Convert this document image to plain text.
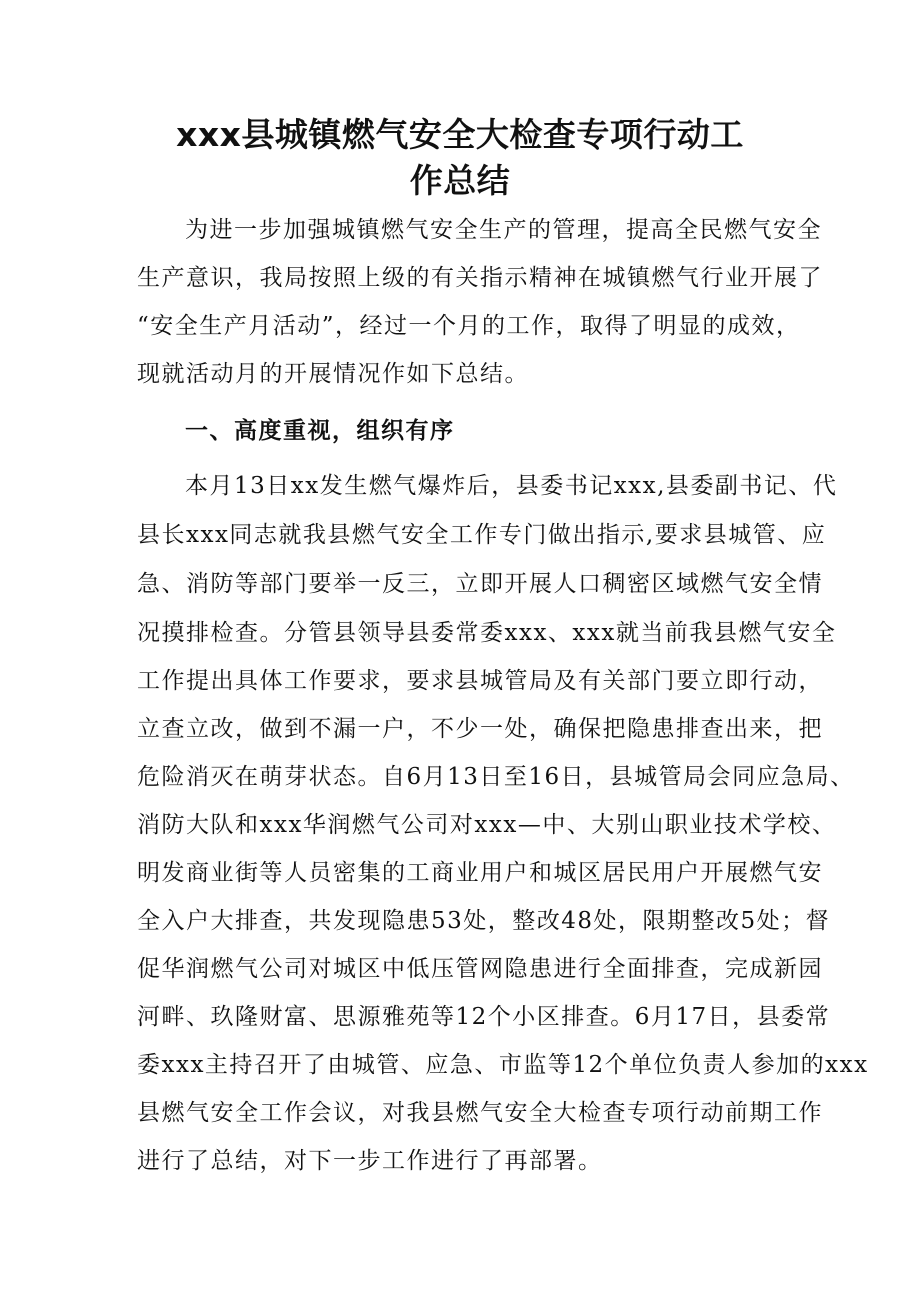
xxx县城镇燃气安全大检查专项行动工
作总结

为进一步加强城镇燃气安全生产的管理，提高全民燃气安全

生产意识，我局按照上级的有关指示精神在城镇燃气行业开展了

“安全生产月活动”，经过一个月的工作，取得了明显的成效，

现就活动月的开展情况作如下总结。

一、高度重视，组织有序

本月13日xx发生燃气爆炸后，县委书记xxx,县委副书记、代

县长xxx同志就我县燃气安全工作专门做出指示,要求县城管、应

急、消防等部门要举一反三，立即开展人口稠密区域燃气安全情

况摸排检查。分管县领导县委常委xxx、xxx就当前我县燃气安全

工作提出具体工作要求，要求县城管局及有关部门要立即行动，

立查立改，做到不漏一户，不少一处，确保把隐患排查出来，把

危险消灭在萌芽状态。自6月13日至16日，县城管局会同应急局、

消防大队和xxx华润燃气公司对xxx—中、大别山职业技术学校、

明发商业街等人员密集的工商业用户和城区居民用户开展燃气安

全入户大排查，共发现隐患53处，整改48处，限期整改5处；督

促华润燃气公司对城区中低压管网隐患进行全面排查，完成新园

河畔、玖隆财富、思源雅苑等12个小区排查。6月17日，县委常

委xxx主持召开了由城管、应急、市监等12个单位负责人参加的xxx

县燃气安全工作会议，对我县燃气安全大检查专项行动前期工作

进行了总结，对下一步工作进行了再部署。
